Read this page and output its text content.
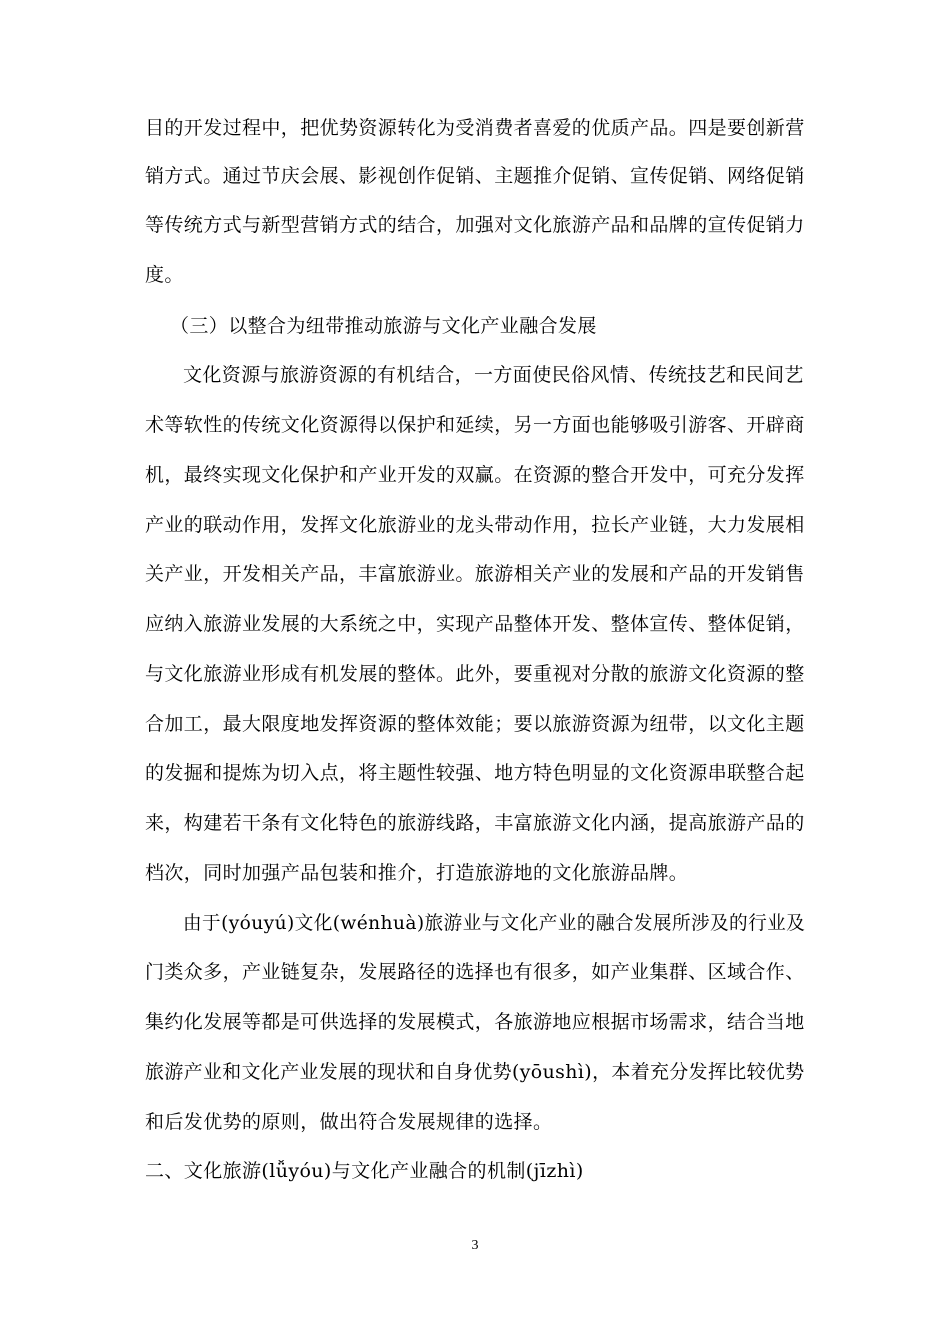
目的开发过程中，把优势资源转化为受消费者喜爱的优质产品。四是要创新营
销方式。通过节庆会展、影视创作促销、主题推介促销、宣传促销、网络促销
等传统方式与新型营销方式的结合，加强对文化旅游产品和品牌的宣传促销力
度。
（三）以整合为纽带推动旅游与文化产业融合发展
文化资源与旅游资源的有机结合，一方面使民俗风情、传统技艺和民间艺
术等软性的传统文化资源得以保护和延续，另一方面也能够吸引游客、开辟商
机，最终实现文化保护和产业开发的双赢。在资源的整合开发中，可充分发挥
产业的联动作用，发挥文化旅游业的龙头带动作用，拉长产业链，大力发展相
关产业，开发相关产品，丰富旅游业。旅游相关产业的发展和产品的开发销售
应纳入旅游业发展的大系统之中，实现产品整体开发、整体宣传、整体促销，
与文化旅游业形成有机发展的整体。此外，要重视对分散的旅游文化资源的整
合加工，最大限度地发挥资源的整体效能；要以旅游资源为纽带，以文化主题
的发掘和提炼为切入点，将主题性较强、地方特色明显的文化资源串联整合起
来，构建若干条有文化特色的旅游线路，丰富旅游文化内涵，提高旅游产品的
档次，同时加强产品包装和推介，打造旅游地的文化旅游品牌。
由于(yóuyú)文化(wénhuà)旅游业与文化产业的融合发展所涉及的行业及
门类众多，产业链复杂，发展路径的选择也有很多，如产业集群、区域合作、
集约化发展等都是可供选择的发展模式，各旅游地应根据市场需求，结合当地
旅游产业和文化产业发展的现状和自身优势(yōushì)，本着充分发挥比较优势
和后发优势的原则，做出符合发展规律的选择。
二、文化旅游(lǚyóu)与文化产业融合的机制(jīzhì)
3
